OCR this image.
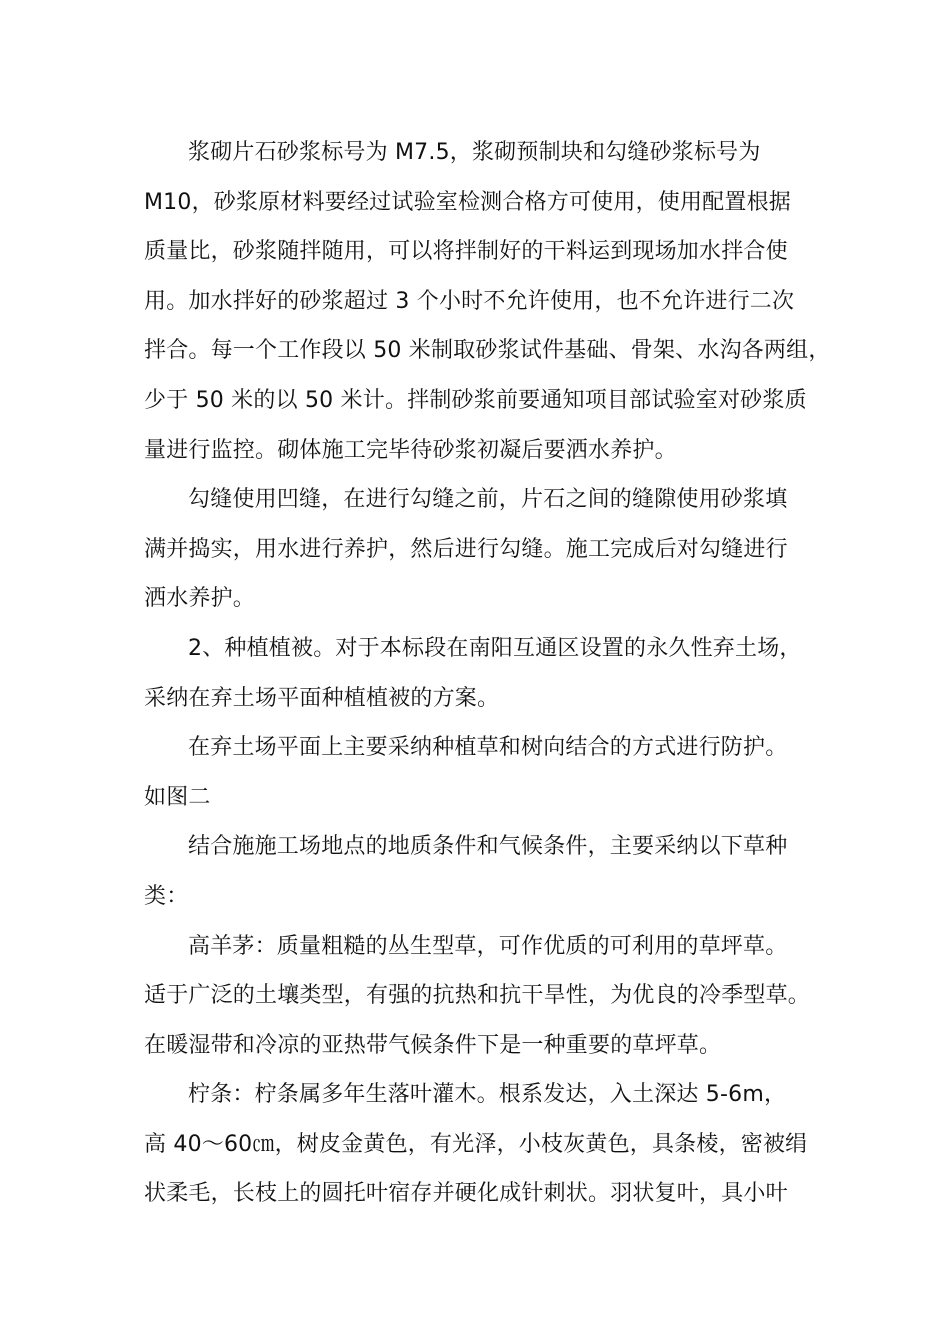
浆砌片石砂浆标号为 M7.5，浆砌预制块和勾缝砂浆标号为
M10，砂浆原材料要经过试验室检测合格方可使用，使用配置根据
质量比，砂浆随拌随用，可以将拌制好的干料运到现场加水拌合使
用。加水拌好的砂浆超过 3 个小时不允许使用，也不允许进行二次
拌合。每一个工作段以 50 米制取砂浆试件基础、骨架、水沟各两组，
少于 50 米的以 50 米计。拌制砂浆前要通知项目部试验室对砂浆质
量进行监控。砌体施工完毕待砂浆初凝后要洒水养护。
勾缝使用凹缝，在进行勾缝之前，片石之间的缝隙使用砂浆填
满并捣实，用水进行养护，然后进行勾缝。施工完成后对勾缝进行
洒水养护。
2、种植植被。对于本标段在南阳互通区设置的永久性弃土场，
采纳在弃土场平面种植植被的方案。
在弃土场平面上主要采纳种植草和树向结合的方式进行防护。
如图二
结合施施工场地点的地质条件和气候条件，主要采纳以下草种
类：
高羊茅：质量粗糙的丛生型草，可作优质的可利用的草坪草。
适于广泛的土壤类型，有强的抗热和抗干旱性，为优良的冷季型草。
在暖湿带和冷凉的亚热带气候条件下是一种重要的草坪草。
柠条：柠条属多年生落叶灌木。根系发达，入土深达 5-6m，
高 40～60㎝，树皮金黄色，有光泽，小枝灰黄色，具条棱，密被绢
状柔毛，长枝上的圆托叶宿存并硬化成针刺状。羽状复叶，具小叶
